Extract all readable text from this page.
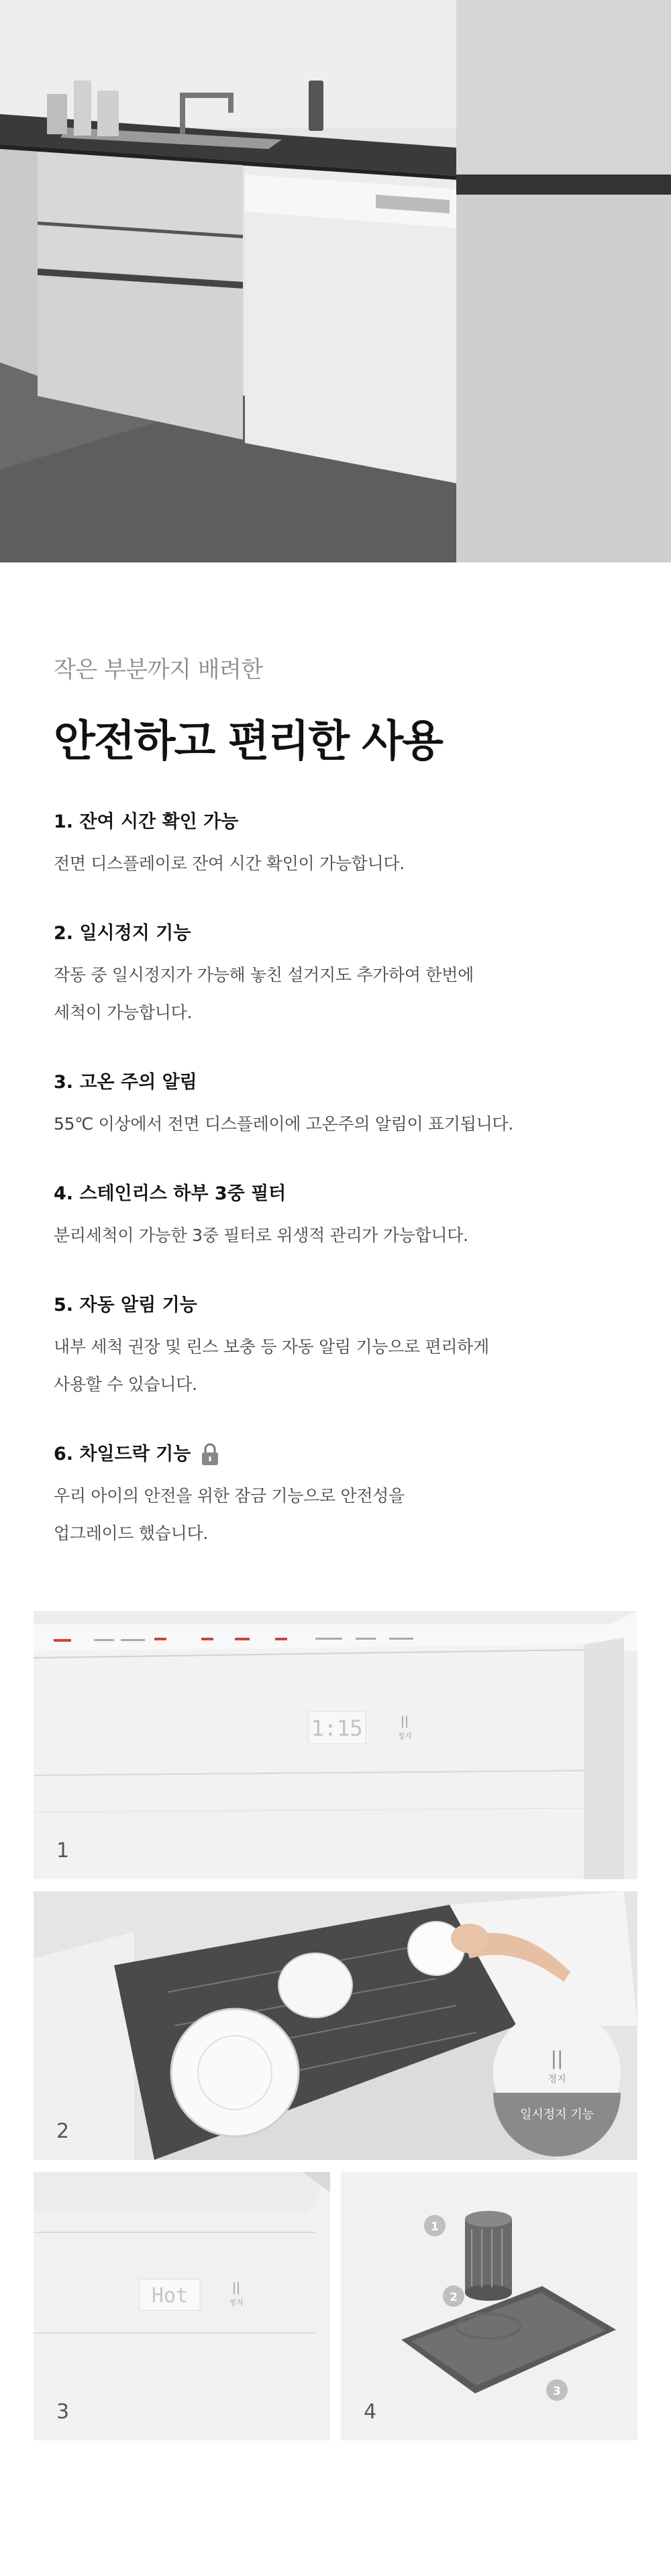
작은 부분까지 배려한
안전하고 편리한 사용
1. 잔여 시간 확인 가능
전면 디스플레이로 잔여 시간 확인이 가능합니다.
2. 일시정지 기능
작동 중 일시정지가 가능해 놓친 설거지도 추가하여 한번에
세척이 가능합니다.
3. 고온 주의 알림
55℃ 이상에서 전면 디스플레이에 고온주의 알림이 표기됩니다.
4. 스테인리스 하부 3중 필터
분리세척이 가능한 3중 필터로 위생적 관리가 가능합니다.
5. 자동 알림 기능
내부 세척 권장 및 린스 보충 등 자동 알림 기능으로 편리하게
사용할 수 있습니다.
6. 차일드락 기능
우리 아이의 안전을 위한 잠금 기능으로 안전성을
업그레이드 했습니다.
1:15	||
정지
1
||
정지
일시정지 기능
2
Hot	||
정지
3
1
2
3
4
